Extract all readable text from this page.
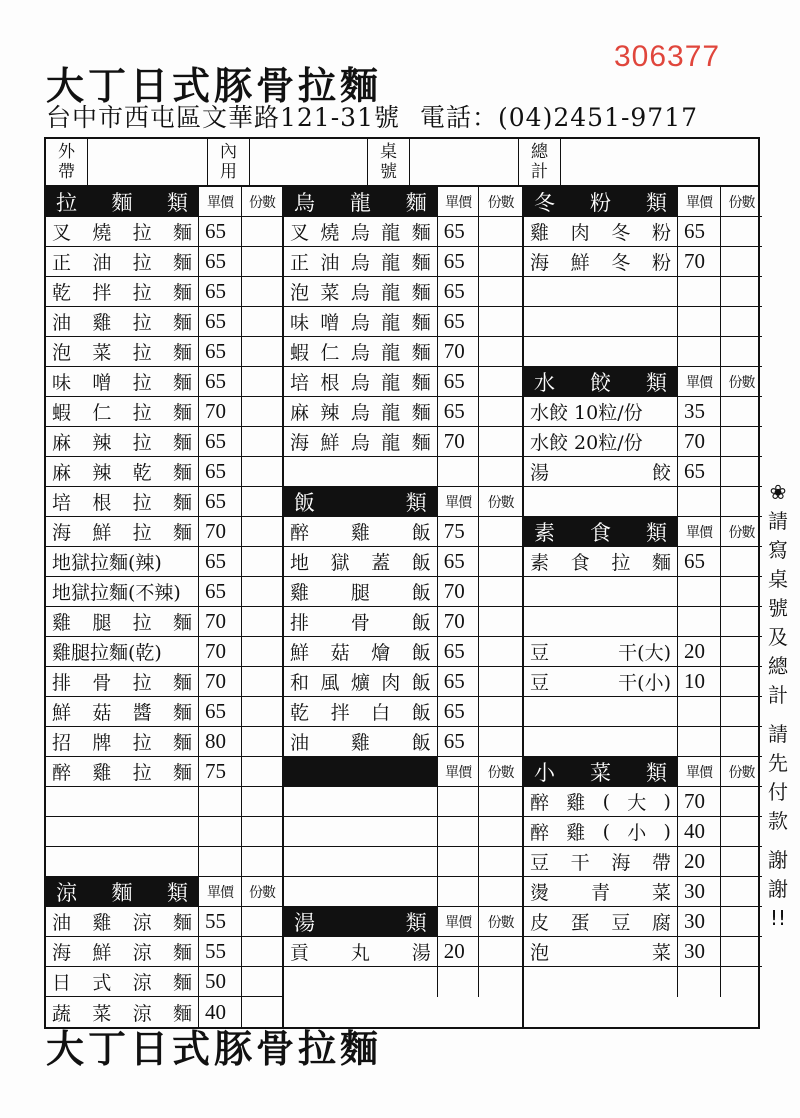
306377
大丁日式豚骨拉麵
台中市西屯區文華路121-31號 電話：(04)2451-9717
外
帶
內
用
桌
號
總
計
拉 麵 類	單價	份數
叉 燒 拉 麵 65
正 油 拉 麵 65
乾 拌 拉 麵 65
油 雞 拉 麵 65
泡 菜 拉 麵 65
味 噌 拉 麵 65
蝦 仁 拉 麵 70
麻 辣 拉 麵 65
麻 辣 乾 麵 65
培 根 拉 麵 65
海 鮮 拉 麵 70
地獄拉麵(辣) 65
地獄拉麵(不辣) 65
雞 腿 拉 麵 70
雞腿拉麵(乾) 70
排 骨 拉 麵 70
鮮 菇 醬 麵 65
招 牌 拉 麵 80
醉 雞 拉 麵 75
涼 麵 類	單價	份數
油 雞 涼 麵 55
海 鮮 涼 麵 55
日 式 涼 麵 50
蔬 菜 涼 麵 40
烏 龍 麵	單價	份數
叉 燒 烏 龍 麵 65
正 油 烏 龍 麵 65
泡 菜 烏 龍 麵 65
味 噌 烏 龍 麵 65
蝦 仁 烏 龍 麵 70
培 根 烏 龍 麵 65
麻 辣 烏 龍 麵 65
海 鮮 烏 龍 麵 70
飯	類	單價	份數
醉 雞 飯 75
地 獄 蓋 飯 65
雞 腿 飯 70
排 骨 飯 70
鮮 菇 燴 飯 65
和 風 爌 肉 飯 65
乾 拌 白 飯 65
油 雞 飯 65
單價	份數
湯	類	單價	份數
貢 丸 湯 20
冬 粉 類	單價	份數
雞 肉 冬 粉 65
海 鮮 冬 粉 70
水 餃 類	單價	份數
水餃 10粒/份 35
水餃 20粒/份 70
湯	餃 65
素 食 類	單價	份數
素 食 拉 麵 65
豆	干(大) 20
豆	干(小) 10
小 菜 類	單價	份數
醉 雞 ( 大 ) 70
醉 雞 ( 小 ) 40
豆 干 海 帶 20
燙 青 菜 30
皮 蛋 豆 腐 30
泡	菜 30
❀
請
寫
桌
號
及
總
計
請
先
付
款
謝
謝
!!
大丁日式豚骨拉麵
